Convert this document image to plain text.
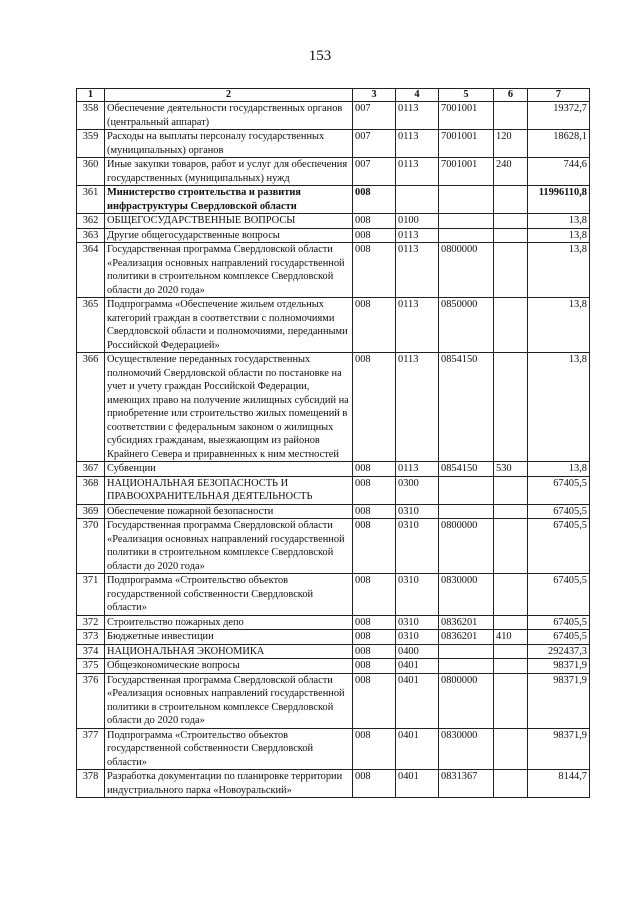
153
1	2	3	4	5	6	7
358	Обеспечение деятельности государственных органов (центральный аппарат)	007	0113	7001001		19372,7
359	Расходы на выплаты персоналу государственных (муниципальных) органов	007	0113	7001001	120	18628,1
360	Иные закупки товаров, работ и услуг для обеспечения государственных (муниципальных) нужд	007	0113	7001001	240	744,6
361	Министерство строительства и развития инфраструктуры Свердловской области	008				11996110,8
362	ОБЩЕГОСУДАРСТВЕННЫЕ ВОПРОСЫ	008	0100			13,8
363	Другие общегосударственные вопросы	008	0113			13,8
364	Государственная программа Свердловской области «Реализация основных направлений государственной политики в строительном комплексе Свердловской области до 2020 года»	008	0113	0800000		13,8
365	Подпрограмма «Обеспечение жильем отдельных категорий граждан в соответствии с полномочиями Свердловской области и полномочиями, переданными Российской Федерацией»	008	0113	0850000		13,8
366	Осуществление переданных государственных полномочий Свердловской области по постановке на учет и учету граждан Российской Федерации, имеющих право на получение жилищных субсидий на приобретение или строительство жилых помещений в соответствии с федеральным законом о жилищных субсидиях гражданам, выезжающим из районов Крайнего Севера и приравненных к ним местностей	008	0113	0854150		13,8
367	Субвенции	008	0113	0854150	530	13,8
368	НАЦИОНАЛЬНАЯ БЕЗОПАСНОСТЬ И ПРАВООХРАНИТЕЛЬНАЯ ДЕЯТЕЛЬНОСТЬ	008	0300			67405,5
369	Обеспечение пожарной безопасности	008	0310			67405,5
370	Государственная программа Свердловской области «Реализация основных направлений государственной политики в строительном комплексе Свердловской области до 2020 года»	008	0310	0800000		67405,5
371	Подпрограмма «Строительство объектов государственной собственности Свердловской области»	008	0310	0830000		67405,5
372	Строительство пожарных депо	008	0310	0836201		67405,5
373	Бюджетные инвестиции	008	0310	0836201	410	67405,5
374	НАЦИОНАЛЬНАЯ ЭКОНОМИКА	008	0400			292437,3
375	Общеэкономические вопросы	008	0401			98371,9
376	Государственная программа Свердловской области «Реализация основных направлений государственной политики в строительном комплексе Свердловской области до 2020 года»	008	0401	0800000		98371,9
377	Подпрограмма «Строительство объектов государственной собственности Свердловской области»	008	0401	0830000		98371,9
378	Разработка документации по планировке территории индустриального парка «Новоуральский»	008	0401	0831367		8144,7
